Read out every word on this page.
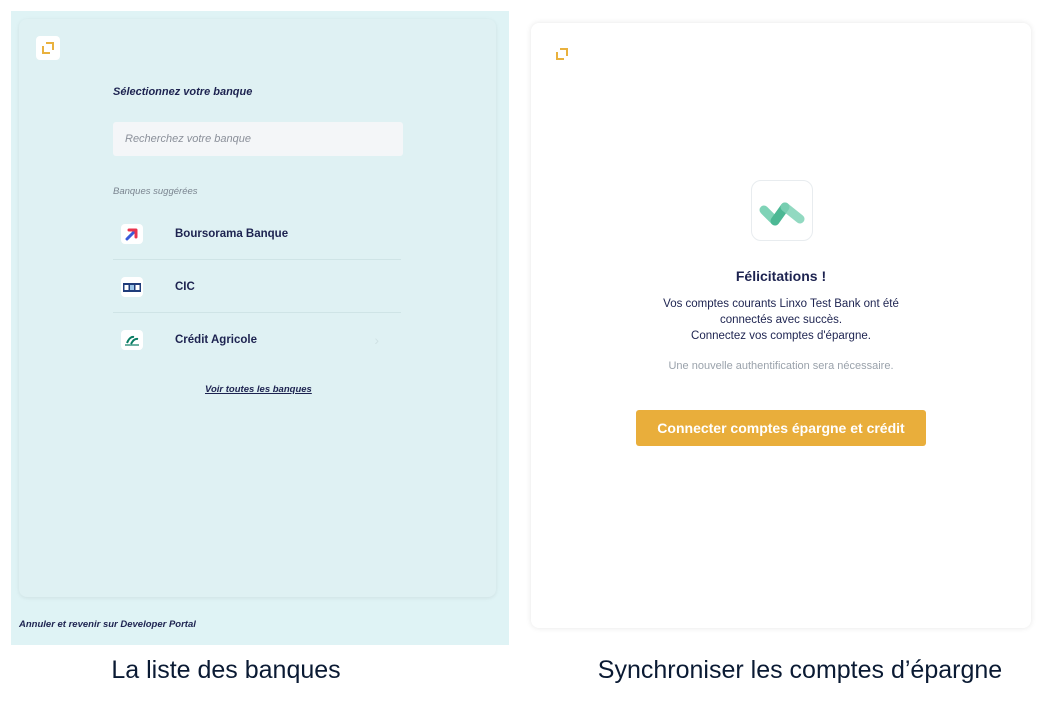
Sélectionnez votre banque
Recherchez votre banque
Banques suggérées
Boursorama Banque
CIC
Crédit Agricole	›
Voir toutes les banques
Annuler et revenir sur Developer Portal
Félicitations !
Vos comptes courants Linxo Test Bank ont été
connectés avec succès.
Connectez vos comptes d'épargne.
Une nouvelle authentification sera nécessaire.
Connecter comptes épargne et crédit
La liste des banques	Synchroniser les comptes d’épargne
